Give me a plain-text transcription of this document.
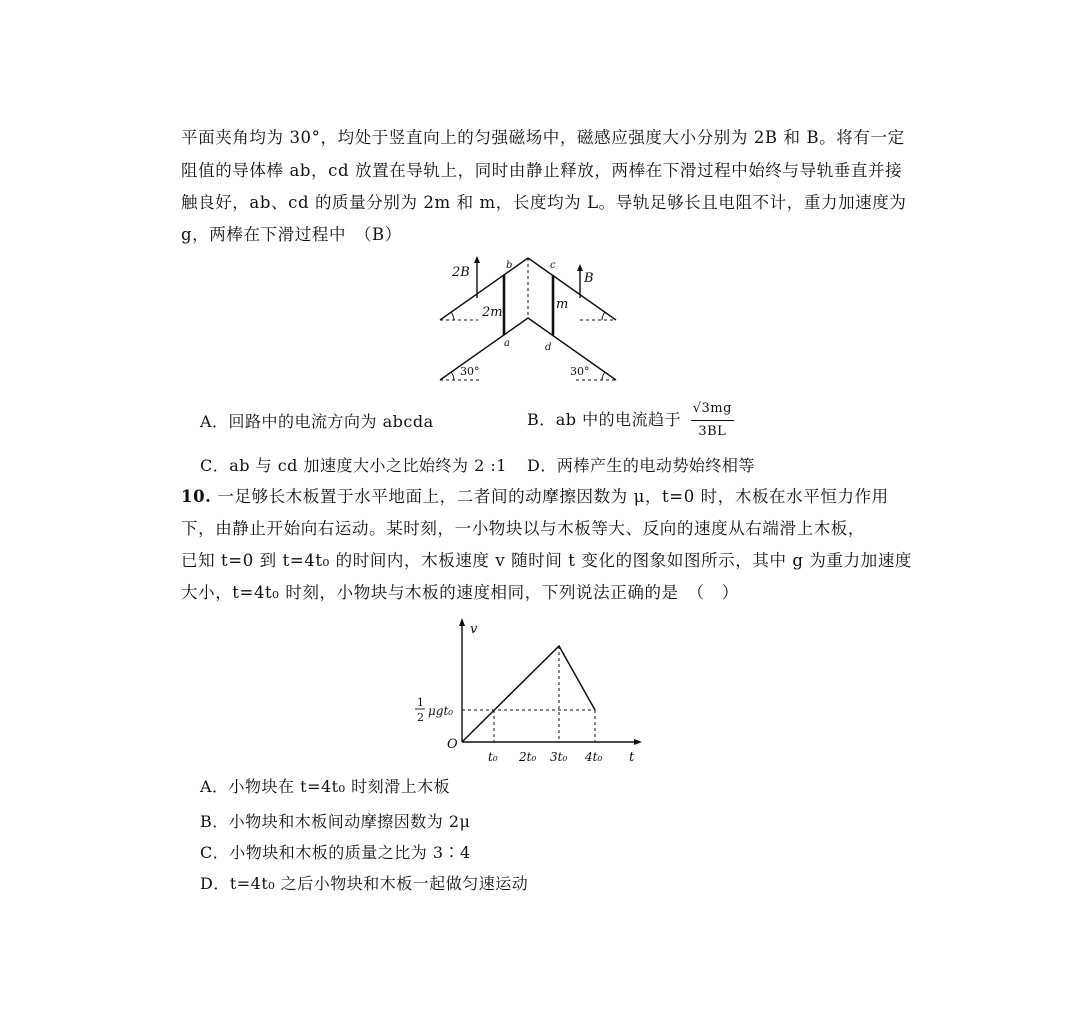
平面夹角均为 30°，均处于竖直向上的匀强磁场中，磁感应强度大小分别为 2B 和 B。将有一定
阻值的导体棒 ab，cd 放置在导轨上，同时由静止释放，两棒在下滑过程中始终与导轨垂直并接
触良好，ab、cd 的质量分别为 2m 和 m，长度均为 L。导轨足够长且电阻不计，重力加速度为
g，两棒在下滑过程中　（B）
2B	B
b	c
a	d
2m
m
30°	30°
A．回路中的电流方向为 abcda	B．ab 中的电流趋于 $\frac{√3mg}{3BL}$
C．ab 与 cd 加速度大小之比始终为 2 :1 D．两棒产生的电动势始终相等
10. 一足够长木板置于水平地面上，二者间的动摩擦因数为 μ，t=0 时，木板在水平恒力作用
下，由静止开始向右运动。某时刻，一小物块以与木板等大、反向的速度从右端滑上木板，
已知 t=0 到 t=4t₀ 的时间内，木板速度 v 随时间 t 变化的图象如图所示，其中 g 为重力加速度
大小，t=4t₀ 时刻，小物块与木板的速度相同，下列说法正确的是　（　）
v
t
O
1
2 μgt₀
t₀ 2t₀ 3t₀ 4t₀
A．小物块在 t=4t₀ 时刻滑上木板
B．小物块和木板间动摩擦因数为 2μ
C．小物块和木板的质量之比为 3∶4
D．t=4t₀ 之后小物块和木板一起做匀速运动
